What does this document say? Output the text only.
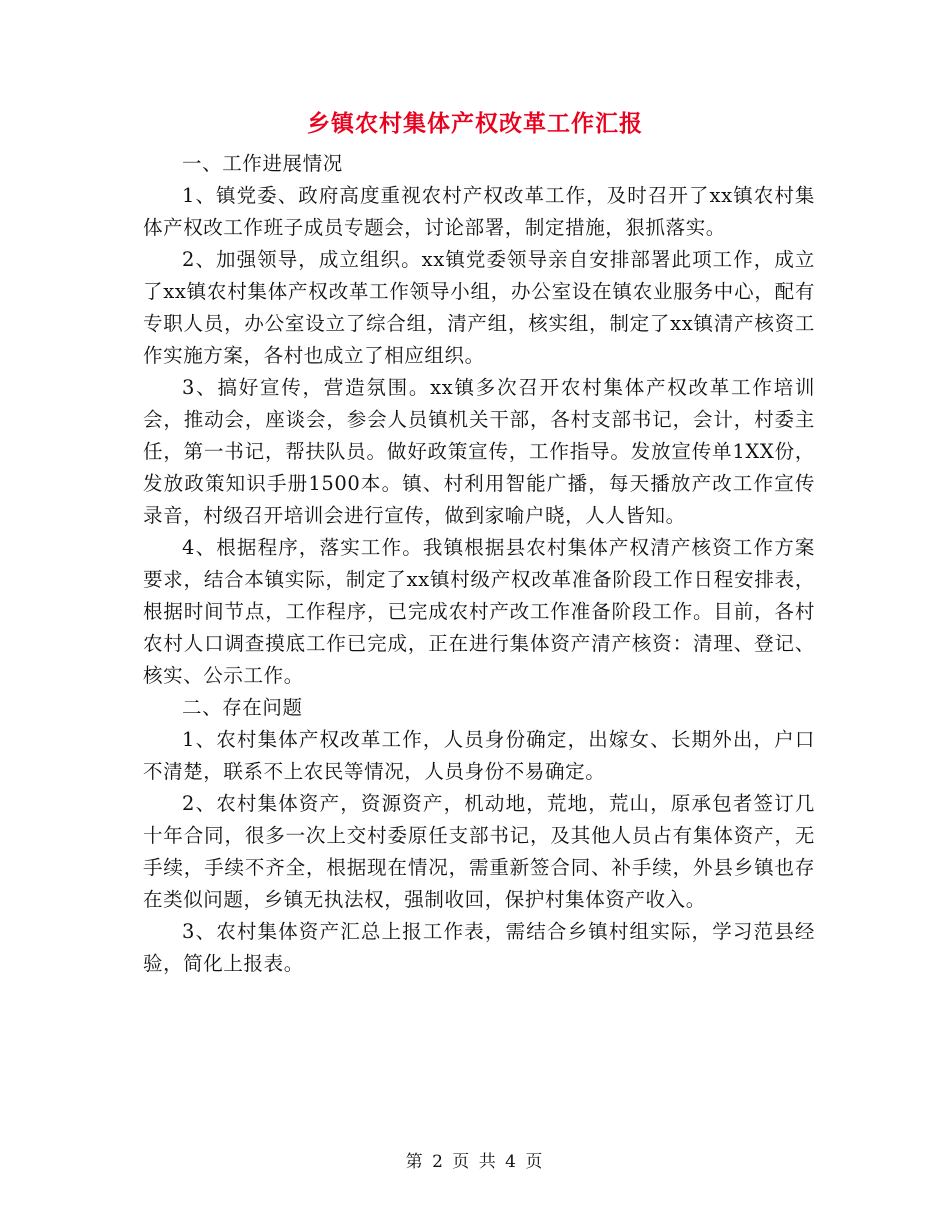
乡镇农村集体产权改革工作汇报

一、工作进展情况

1、镇党委、政府高度重视农村产权改革工作，及时召开了xx镇农村集体产权改工作班子成员专题会，讨论部署，制定措施，狠抓落实。

2、加强领导，成立组织。xx镇党委领导亲自安排部署此项工作，成立了xx镇农村集体产权改革工作领导小组，办公室设在镇农业服务中心，配有专职人员，办公室设立了综合组，清产组，核实组，制定了xx镇清产核资工作实施方案，各村也成立了相应组织。

3、搞好宣传，营造氛围。xx镇多次召开农村集体产权改革工作培训会，推动会，座谈会，参会人员镇机关干部，各村支部书记，会计，村委主任，第一书记，帮扶队员。做好政策宣传，工作指导。发放宣传单1XX份，发放政策知识手册1500本。镇、村利用智能广播，每天播放产改工作宣传录音，村级召开培训会进行宣传，做到家喻户晓，人人皆知。

4、根据程序，落实工作。我镇根据县农村集体产权清产核资工作方案要求，结合本镇实际，制定了xx镇村级产权改革准备阶段工作日程安排表，根据时间节点，工作程序，已完成农村产改工作准备阶段工作。目前，各村农村人口调查摸底工作已完成，正在进行集体资产清产核资：清理、登记、核实、公示工作。

二、存在问题

1、农村集体产权改革工作，人员身份确定，出嫁女、长期外出，户口不清楚，联系不上农民等情况，人员身份不易确定。

2、农村集体资产，资源资产，机动地，荒地，荒山，原承包者签订几十年合同，很多一次上交村委原任支部书记，及其他人员占有集体资产，无手续，手续不齐全，根据现在情况，需重新签合同、补手续，外县乡镇也存在类似问题，乡镇无执法权，强制收回，保护村集体资产收入。

3、农村集体资产汇总上报工作表，需结合乡镇村组实际，学习范县经验，简化上报表。

第 2 页 共 4 页
